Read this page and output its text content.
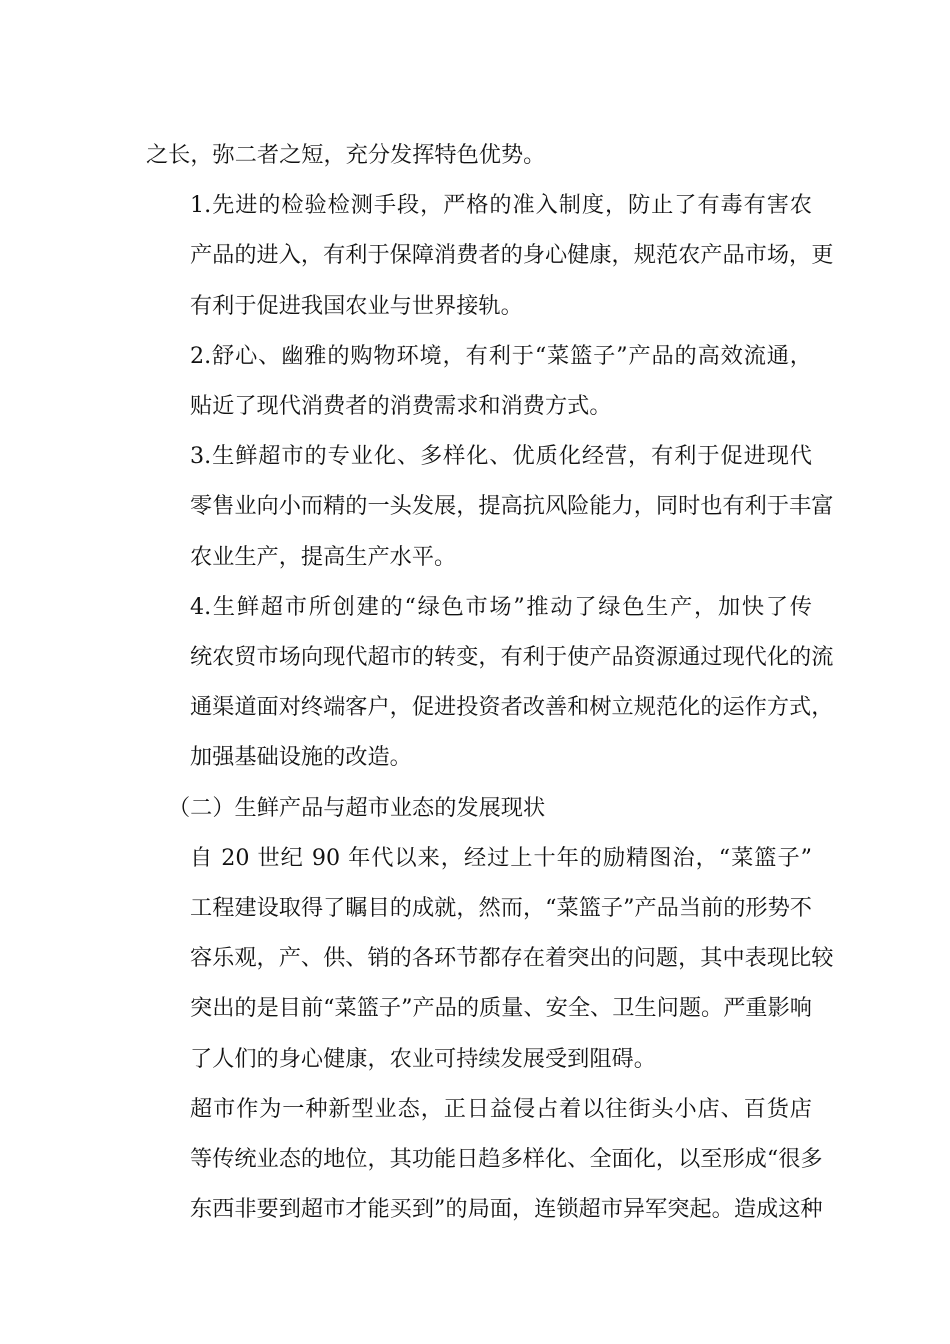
之长，弥二者之短，充分发挥特色优势。

1.先进的检验检测手段，严格的准入制度，防止了有毒有害农
产品的进入，有利于保障消费者的身心健康，规范农产品市场，更
有利于促进我国农业与世界接轨。

2.舒心、幽雅的购物环境，有利于“菜篮子”产品的高效流通，
贴近了现代消费者的消费需求和消费方式。

3.生鲜超市的专业化、多样化、优质化经营，有利于促进现代
零售业向小而精的一头发展，提高抗风险能力，同时也有利于丰富
农业生产，提高生产水平。

4.生鲜超市所创建的“绿色市场”推动了绿色生产，加快了传
统农贸市场向现代超市的转变，有利于使产品资源通过现代化的流
通渠道面对终端客户，促进投资者改善和树立规范化的运作方式，
加强基础设施的改造。

（二）生鲜产品与超市业态的发展现状

自 20 世纪 90 年代以来，经过上十年的励精图治，“菜篮子”
工程建设取得了瞩目的成就，然而，“菜篮子”产品当前的形势不
容乐观，产、供、销的各环节都存在着突出的问题，其中表现比较
突出的是目前“菜篮子”产品的质量、安全、卫生问题。严重影响
了人们的身心健康，农业可持续发展受到阻碍。

超市作为一种新型业态，正日益侵占着以往街头小店、百货店
等传统业态的地位，其功能日趋多样化、全面化，以至形成“很多
东西非要到超市才能买到”的局面，连锁超市异军突起。造成这种
